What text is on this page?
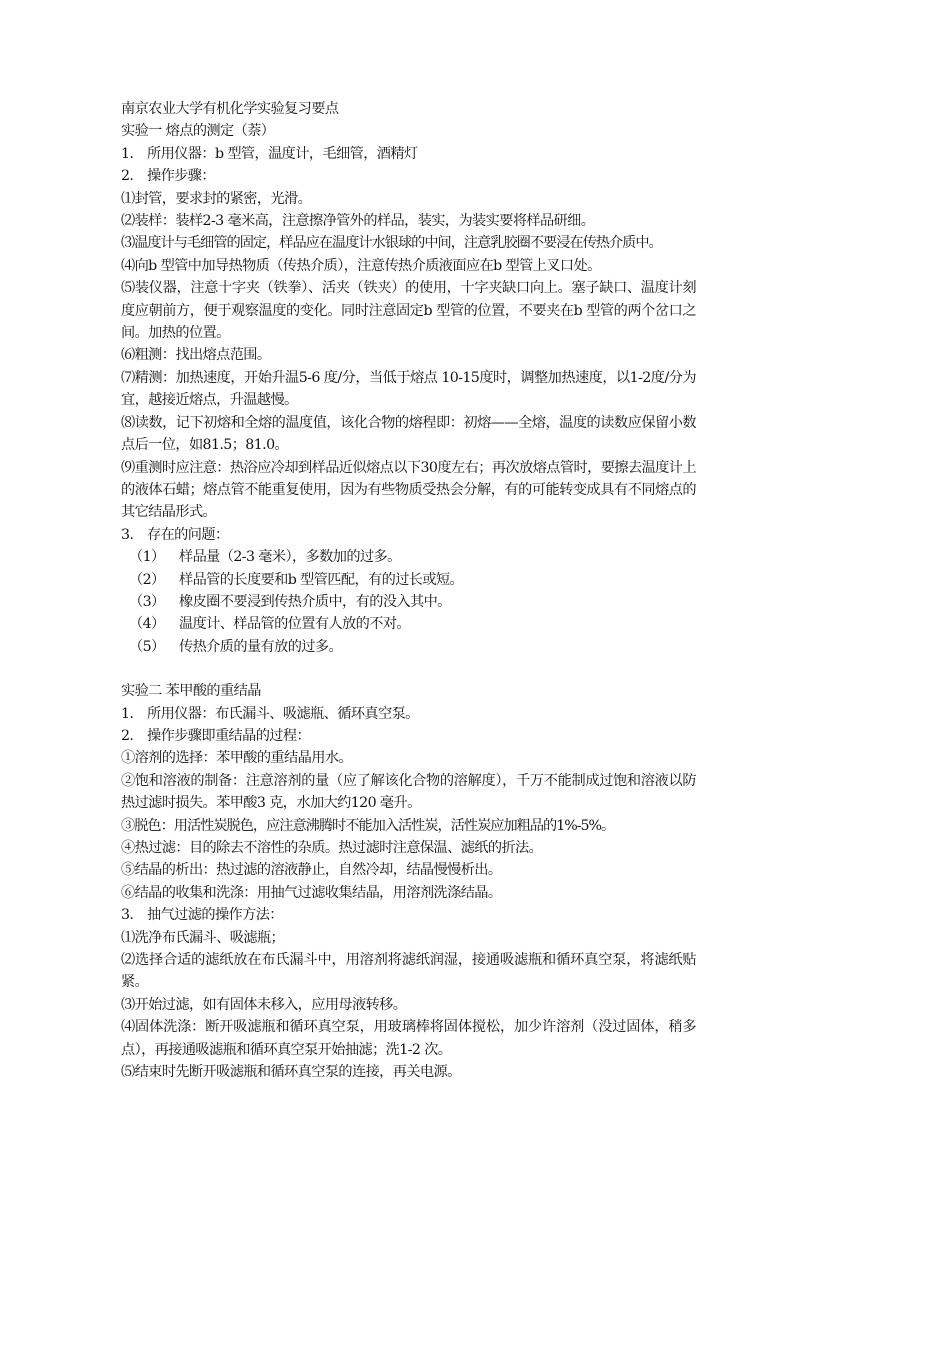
南京农业大学有机化学实验复习要点
实验一 熔点的测定（萘）
1. 所用仪器：b 型管，温度计，毛细管，酒精灯
2. 操作步骤：
⑴封管，要求封的紧密，光滑。
⑵装样：装样2-3 毫米高，注意擦净管外的样品，装实，为装实要将样品研细。
⑶温度计与毛细管的固定，样品应在温度计水银球的中间，注意乳胶圈不要浸在传热介质中。
⑷向b 型管中加导热物质（传热介质），注意传热介质液面应在b 型管上叉口处。
⑸装仪器，注意十字夹（铁拳）、活夹（铁夹）的使用，十字夹缺口向上。塞子缺口、温度计刻度应朝前方，便于观察温度的变化。同时注意固定b 型管的位置，不要夹在b 型管的两个岔口之间。加热的位置。
⑹粗测：找出熔点范围。
⑺精测：加热速度，开始升温5-6 度/分，当低于熔点 10-15度时，调整加热速度，以1-2度/分为宜，越接近熔点，升温越慢。
⑻读数，记下初熔和全熔的温度值，该化合物的熔程即：初熔——全熔，温度的读数应保留小数点后一位，如81.5；81.0。
⑼重测时应注意：热浴应冷却到样品近似熔点以下30度左右；再次放熔点管时，要擦去温度计上的液体石蜡；熔点管不能重复使用，因为有些物质受热会分解，有的可能转变成具有不同熔点的其它结晶形式。
3. 存在的问题：
（1） 样品量（2-3 毫米），多数加的过多。
（2） 样品管的长度要和b 型管匹配，有的过长或短。
（3） 橡皮圈不要浸到传热介质中，有的没入其中。
（4） 温度计、样品管的位置有人放的不对。
（5） 传热介质的量有放的过多。
实验二 苯甲酸的重结晶
1. 所用仪器：布氏漏斗、吸滤瓶、循环真空泵。
2. 操作步骤即重结晶的过程：
①溶剂的选择：苯甲酸的重结晶用水。
②饱和溶液的制备：注意溶剂的量（应了解该化合物的溶解度），千万不能制成过饱和溶液以防热过滤时损失。苯甲酸3 克，水加大约120 毫升。
③脱色：用活性炭脱色，应注意沸腾时不能加入活性炭，活性炭应加粗品的1%-5%。
④热过滤：目的除去不溶性的杂质。热过滤时注意保温、滤纸的折法。
⑤结晶的析出：热过滤的溶液静止，自然冷却，结晶慢慢析出。
⑥结晶的收集和洗涤：用抽气过滤收集结晶，用溶剂洗涤结晶。
3. 抽气过滤的操作方法：
⑴洗净布氏漏斗、吸滤瓶；
⑵选择合适的滤纸放在布氏漏斗中，用溶剂将滤纸润湿，接通吸滤瓶和循环真空泵，将滤纸贴紧。
⑶开始过滤，如有固体未移入，应用母液转移。
⑷固体洗涤：断开吸滤瓶和循环真空泵，用玻璃棒将固体搅松，加少许溶剂（没过固体，稍多点），再接通吸滤瓶和循环真空泵开始抽滤；洗1-2 次。
⑸结束时先断开吸滤瓶和循环真空泵的连接，再关电源。
